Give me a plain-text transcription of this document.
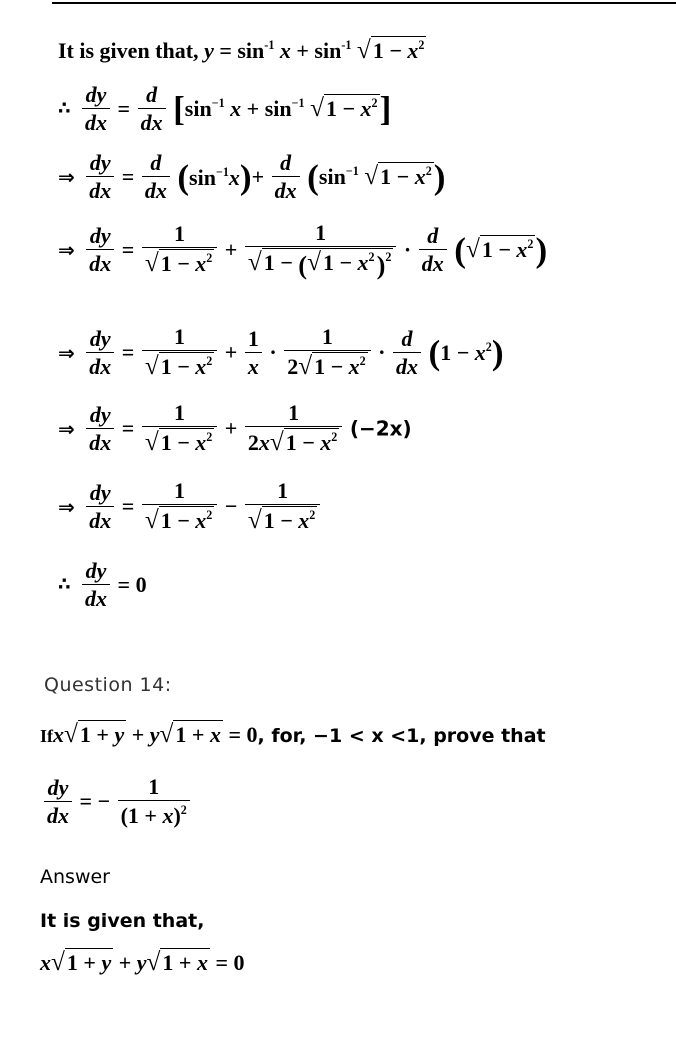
It is given that, $y = \sin^{-1} x + \sin^{-1} √1 - x^2$
∴ $\frac{dy}{dx} = \frac{d}{dx} [\sin^{-1}$ $x + \sin^{-1} √1 - x^2$]
⇒ $\frac{dy}{dx} = \frac{d}{dx} (\sin^{-1}x)+ \frac{d}{dx} (\sin^{-1}$ $√1 - x^2$)
⇒ $\frac{dy}{dx} = \frac{1}{√1 - x^2} + \frac{1}{√1 - (√1 - x^2)^2} \cdot \frac{d}{dx} (√1 - x^2)$
⇒ $\frac{dy}{dx} = \frac{1}{√1 - x^2} + \frac{1}{x} \cdot \frac{1}{2√1 - x^2} \cdot \frac{d}{dx} (1 - x^2)$
⇒ $\frac{dy}{dx} = \frac{1}{√1 - x^2} + \frac{1}{2x√1 - x^2} (-2x)$
⇒ $\frac{dy}{dx} = \frac{1}{√1 - x^2} - \frac{1}{√1 - x^2}$
∴ $\frac{dy}{dx} = 0$
Question 14:
Ifx√1 + y + y√1 + x = 0, for, −1 < x <1, prove that
$\frac{dy}{dx}$ = − $\frac{1}{(1 + x)^2}$
Answer
It is given that,
x√1 + y + y√1 + x = 0
